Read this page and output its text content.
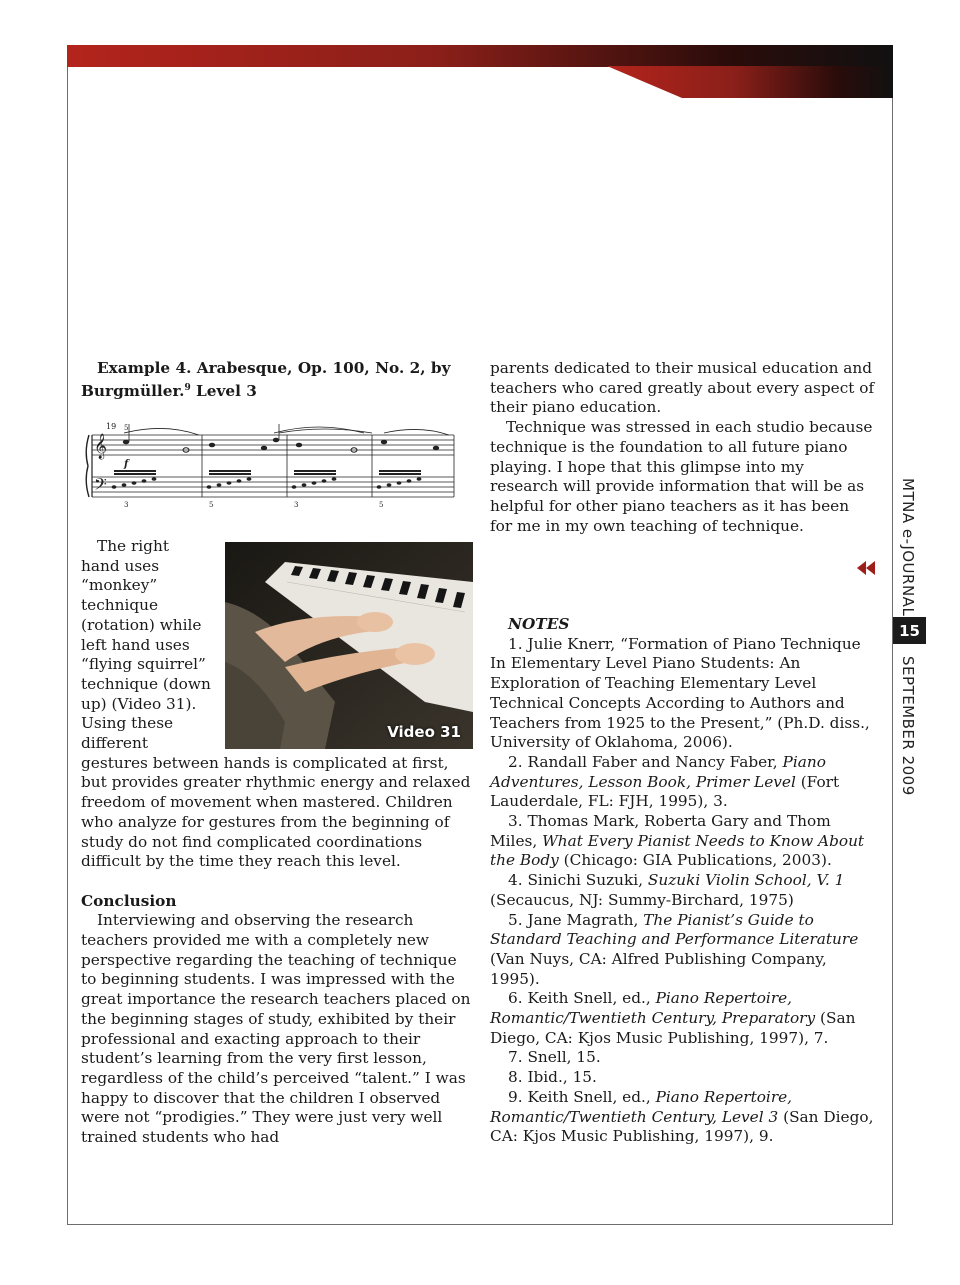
Example 4. Arabesque, Op. 100, No. 2, by Burgmüller.$^9$ Level 3

𝄞
𝄢
19 5
f
3	5	3	5
Video 31

The right hand uses “monkey” technique (rotation) while left hand uses “flying squirrel” technique (down up) (Video 31). Using these different gestures between hands is complicated at first, but provides greater rhythmic energy and relaxed freedom of movement when mastered. Children who analyze for gestures from the beginning of study do not find complicated coordinations difficult by the time they reach this level.

Conclusion

Interviewing and observing the research teachers provided me with a completely new perspective regarding the teaching of technique to beginning students. I was impressed with the great importance the research teachers placed on the beginning stages of study, exhibited by their professional and exacting approach to their student’s learning from the very first lesson, regardless of the child’s perceived “talent.” I was happy to discover that the children I observed were not “prodigies.” They were just very well trained students who had

parents dedicated to their musical education and teachers who cared greatly about every aspect of their piano education.

Technique was stressed in each studio because technique is the foundation to all future piano playing. I hope that this glimpse into my research will provide information that will be as helpful for other piano teachers as it has been for me in my own teaching of technique.

NOTES

1. Julie Knerr, “Formation of Piano Technique In Elementary Level Piano Students: An Exploration of Teaching Elementary Level Technical Concepts According to Authors and Teachers from 1925 to the Present,” (Ph.D. diss., University of Oklahoma, 2006).

2. Randall Faber and Nancy Faber, Piano Adventures, Lesson Book, Primer Level (Fort Lauderdale, FL: FJH, 1995), 3.

3. Thomas Mark, Roberta Gary and Thom Miles, What Every Pianist Needs to Know About the Body (Chicago: GIA Publications, 2003).

4. Sinichi Suzuki, Suzuki Violin School, V. 1 (Secaucus, NJ: Summy-Birchard, 1975)

5. Jane Magrath, The Pianist’s Guide to Standard Teaching and Performance Literature (Van Nuys, CA: Alfred Publishing Company, 1995).

6. Keith Snell, ed., Piano Repertoire, Romantic/Twentieth Century, Preparatory (San Diego, CA: Kjos Music Publishing, 1997), 7.

7. Snell, 15.

8. Ibid., 15.

9. Keith Snell, ed., Piano Repertoire, Romantic/Twentieth Century, Level 3 (San Diego, CA: Kjos Music Publishing, 1997), 9.

MTNA e-JOURNAL
15
SEPTEMBER 2009
